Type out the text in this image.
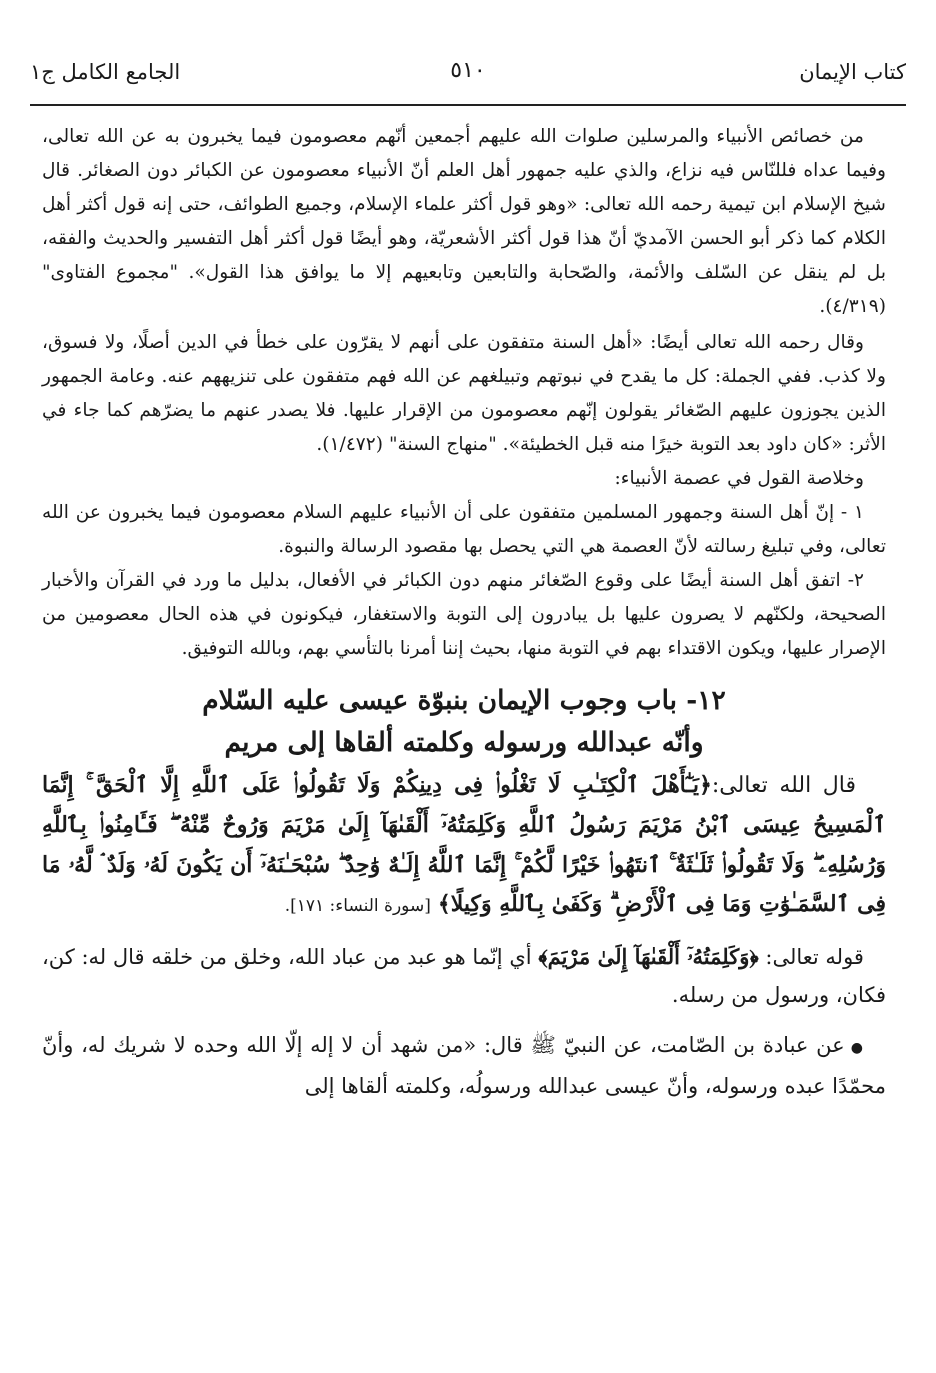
كتاب الإيمان
٥١٠
الجامع الكامل ج١

من خصائص الأنبياء والمرسلين صلوات الله عليهم أجمعين أنّهم معصومون فيما يخبرون به عن الله تعالى، وفيما عداه فللنّاس فيه نزاع، والذي عليه جمهور أهل العلم أنّ الأنبياء معصومون عن الكبائر دون الصغائر. قال شيخ الإسلام ابن تيمية رحمه الله تعالى: «وهو قول أكثر علماء الإسلام، وجميع الطوائف، حتى إنه قول أكثر أهل الكلام كما ذكر أبو الحسن الآمديّ أنّ هذا قول أكثر الأشعريّة، وهو أيضًا قول أكثر أهل التفسير والحديث والفقه، بل لم ينقل عن السّلف والأئمة، والصّحابة والتابعين وتابعيهم إلا ما يوافق هذا القول». "مجموع الفتاوى" (٤/٣١٩).

وقال رحمه الله تعالى أيضًا: «أهل السنة متفقون على أنهم لا يقرّون على خطأ في الدين أصلًا، ولا فسوق، ولا كذب. ففي الجملة: كل ما يقدح في نبوتهم وتبيلغهم عن الله فهم متفقون على تنزيههم عنه. وعامة الجمهور الذين يجوزون عليهم الصّغائر يقولون إنّهم معصومون من الإقرار عليها. فلا يصدر عنهم ما يضرّهم كما جاء في الأثر: «كان داود بعد التوبة خيرًا منه قبل الخطيئة». "منهاج السنة" (١/٤٧٢).

وخلاصة القول في عصمة الأنبياء:

١ - إنّ أهل السنة وجمهور المسلمين متفقون على أن الأنبياء عليهم السلام معصومون فيما يخبرون عن الله تعالى، وفي تبليغ رسالته لأنّ العصمة هي التي يحصل بها مقصود الرسالة والنبوة.

٢- اتفق أهل السنة أيضًا على وقوع الصّغائر منهم دون الكبائر في الأفعال، بدليل ما ورد في القرآن والأخبار الصحيحة، ولكنّهم لا يصرون عليها بل يبادرون إلى التوبة والاستغفار، فيكونون في هذه الحال معصومين من الإصرار عليها، ويكون الاقتداء بهم في التوبة منها، بحيث إننا أمرنا بالتأسي بهم، وبالله التوفيق.

١٢- باب وجوب الإيمان بنبوّة عيسى عليه السّلام
وأنّه عبدالله ورسوله وكلمته ألقاها إلى مريم

قال الله تعالى:﴿يَـٰٓأَهْلَ ٱلْكِتَـٰبِ لَا تَغْلُوا۟ فِى دِينِكُمْ وَلَا تَقُولُوا۟ عَلَى ٱللَّهِ إِلَّا ٱلْحَقَّ ۚ إِنَّمَا ٱلْمَسِيحُ عِيسَى ٱبْنُ مَرْيَمَ رَسُولُ ٱللَّهِ وَكَلِمَتُهُۥٓ أَلْقَىٰهَآ إِلَىٰ مَرْيَمَ وَرُوحٌ مِّنْهُ ۖ فَـَٔامِنُوا۟ بِٱللَّهِ وَرُسُلِهِۦ ۖ وَلَا تَقُولُوا۟ ثَلَـٰثَةٌ ۚ ٱنتَهُوا۟ خَيْرًا لَّكُمْ ۚ إِنَّمَا ٱللَّهُ إِلَـٰهٌ وَٰحِدٌ ۖ سُبْحَـٰنَهُۥٓ أَن يَكُونَ لَهُۥ وَلَدٌ ۘ لَّهُۥ مَا فِى ٱلسَّمَـٰوَٰتِ وَمَا فِى ٱلْأَرْضِ ۗ وَكَفَىٰ بِٱللَّهِ وَكِيلًا﴾ [سورة النساء: ١٧١].

قوله تعالى: ﴿وَكَلِمَتُهُۥٓ أَلْقَىٰهَآ إِلَىٰ مَرْيَمَ﴾ أي إنّما هو عبد من عباد الله، وخلق من خلقه قال له: كن، فكان، ورسول من رسله.

●عن عبادة بن الصّامت، عن النبيّ ﷺ قال: «من شهد أن لا إله إلّا الله وحده لا شريك له، وأنّ محمّدًا عبده ورسوله، وأنّ عيسى عبدالله ورسولُه، وكلمته ألقاها إلى
